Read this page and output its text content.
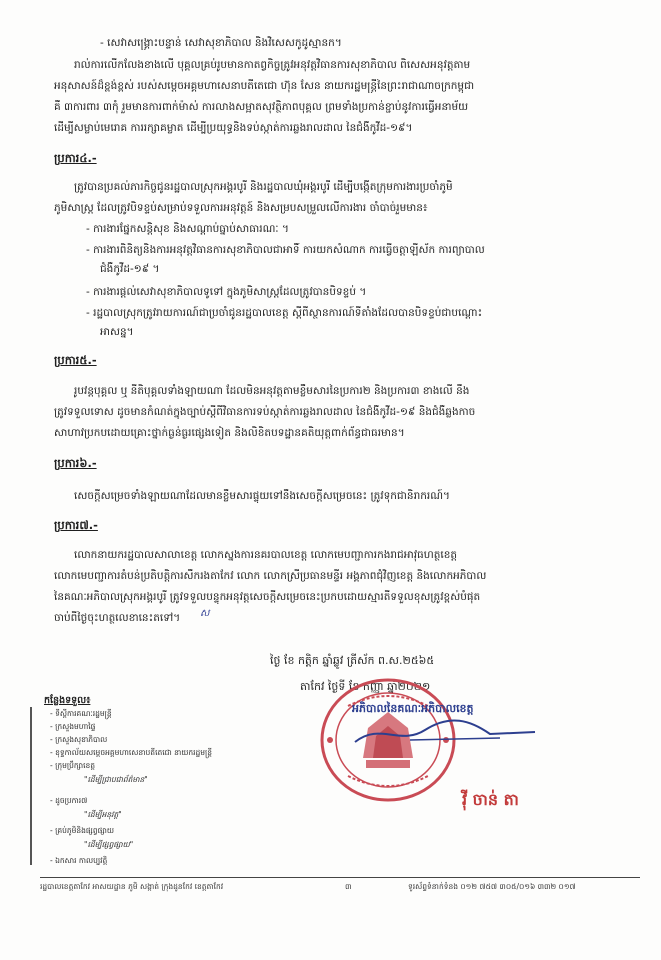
- សេវាសង្គ្រោះបន្ទាន់ សេវាសុខាភិបាល និងវិសេសកូដូស្មានក។
រាល់ការលើកលែងខាងលើ បុគ្គលគ្រប់រូបមានកាតព្វកិច្ចត្រូវអនុវត្តវិធានការសុខាភិបាល ពិសេសអនុវត្តតាម
អនុសាសន៍ដ៏ខ្ពង់ខ្ពស់ របស់សម្តេចអគ្គមហាសេនាបតីតេជោ ហ៊ុន សែន នាយករដ្ឋមន្ត្រីនៃព្រះរាជាណាចក្រកម្ពុជា
គឺ ៣ការពារ ៣កុំ រួមមានការពាក់ម៉ាស់ ការលាងសម្អាតសុវត្ថិភាពបុគ្គល ព្រមទាំងប្រកាន់ខ្ជាប់នូវការធ្វើអនាម័យ
ដើម្បីសម្លាប់មេរោគ ការរក្សាគម្លាត ដើម្បីប្រយុទ្ធនិងទប់ស្កាត់ការឆ្លងរាលដាល នៃជំងឺកូវីដ-១៩។
ប្រការ៤.-
ត្រូវបានប្រគល់ភារកិច្ចជូនរដ្ឋបាលស្រុកអង្គរបូរី និងរដ្ឋបាលឃុំអង្គរបូរី ដើម្បីបង្កើតក្រុមការងារប្រចាំភូមិ
ភូមិសាស្ត្រ ដែលត្រូវបិទខ្ទប់សម្រាប់ទទួលការអនុវត្តន៍ និងសម្របសម្រួលលើការងារ ចាំបាច់រួមមាន៖
- ការងារផ្នែកសន្តិសុខ និងសណ្តាប់ធ្នាប់សាធារណៈ ។
- ការងារពិនិត្យនិងការអនុវត្តវិធានការសុខាភិបាលជាអាទិ៍ ការយកសំណាក ការធ្វើចត្តាឡីស័ក ការព្យាបាល
ជំងឺកូវីដ-១៩ ។
- ការងារផ្តល់សេវាសុខាភិបាលទូទៅ ក្នុងភូមិសាស្ត្រដែលត្រូវបានបិទខ្ទប់ ។
- រដ្ឋបាលស្រុកត្រូវរាយការណ៍ជាប្រចាំជូនរដ្ឋបាលខេត្ត ស្តីពីស្ថានការណ៍ទីតាំងដែលបានបិទខ្ទប់ជាបណ្តោះ
អាសន្ន។
ប្រការ៥.-
រូបវន្តបុគ្គល ឬ នីតិបុគ្គលទាំងឡាយណា ដែលមិនអនុវត្តតាមខ្លឹមសារនៃប្រការ២ និងប្រការ៣ ខាងលើ នឹង
ត្រូវទទួលទោស ដូចមានកំណត់ក្នុងច្បាប់ស្តីពីវិធានការទប់ស្កាត់ការឆ្លងរាលដាល នៃជំងឺកូវីដ-១៩ និងជំងឺឆ្លងកាច
សាហាវប្រកបដោយគ្រោះថ្នាក់ធ្ងន់ធ្ងរផ្សេងទៀត និងលិខិតបទដ្ឋានគតិយុត្តពាក់ព័ន្ធជាធរមាន។
ប្រការ៦.-
សេចក្តីសម្រេចទាំងឡាយណាដែលមានខ្លឹមសារផ្ទុយទៅនឹងសេចក្តីសម្រេចនេះ ត្រូវទុកជានិរាករណ៍។
ប្រការ៧.-
លោកនាយករដ្ឋបាលសាលាខេត្ត លោកស្នងការនគរបាលខេត្ត លោកមេបញ្ជាការកងរាជអាវុធហត្ថខេត្ត
លោកមេបញ្ជាការតំបន់ប្រតិបត្តិការសឹករងតាកែវ លោក លោកស្រីប្រធានមន្ទីរ អង្គភាពជុំវិញខេត្ត និងលោកអភិបាល
នៃគណៈអភិបាលស្រុកអង្គរបូរី ត្រូវទទួលបន្ទុកអនុវត្តសេចក្តីសម្រេចនេះប្រកបដោយស្មារតីទទួលខុសត្រូវខ្ពស់បំផុត
ចាប់ពីថ្ងៃចុះហត្ថលេខានេះតទៅ។ ស
ថ្ងៃ ខែ កត្តិក ឆ្នាំឆ្លូវ ត្រីស័ក ព.ស.២៥៦៥
តាកែវ ថ្ងៃទី ខែ កញ្ញា ឆ្នាំ២០២១
អភិបាលនៃគណៈអភិបាលខេត្ត
វ៉ី ចាន់ តា
កន្លែងទទួល៖
- ទីស្តីការគណៈរដ្ឋមន្ត្រី
- ក្រសួងមហាផ្ទៃ
- ក្រសួងសុខាភិបាល
- ខុទ្ទកាល័យសម្តេចអគ្គមហាសេនាបតីតេជោ នាយករដ្ឋមន្ត្រី
- ក្រុមប្រឹក្សាខេត្ត
"ដើម្បីជ្រាបជាព័ត៌មាន"
- ដូចប្រការ៧
"ដើម្បីអនុវត្ត"
- គ្រប់ភូមិនិងផ្សព្វផ្សាយ
"ដើម្បីផ្សព្វផ្សាយ"
- ឯកសារ កាលប្បវត្តិ
រដ្ឋបាលខេត្តតាកែវ អាសយដ្ឋាន ភូមិ សង្កាត់ ក្រុងដូនកែវ ខេត្តតាកែវ	៣	ទូរស័ព្ទទំនាក់ទំនង ០១២ ៧៥៧ ៣០៥/០១៦ ៣៣២ ០១៧
